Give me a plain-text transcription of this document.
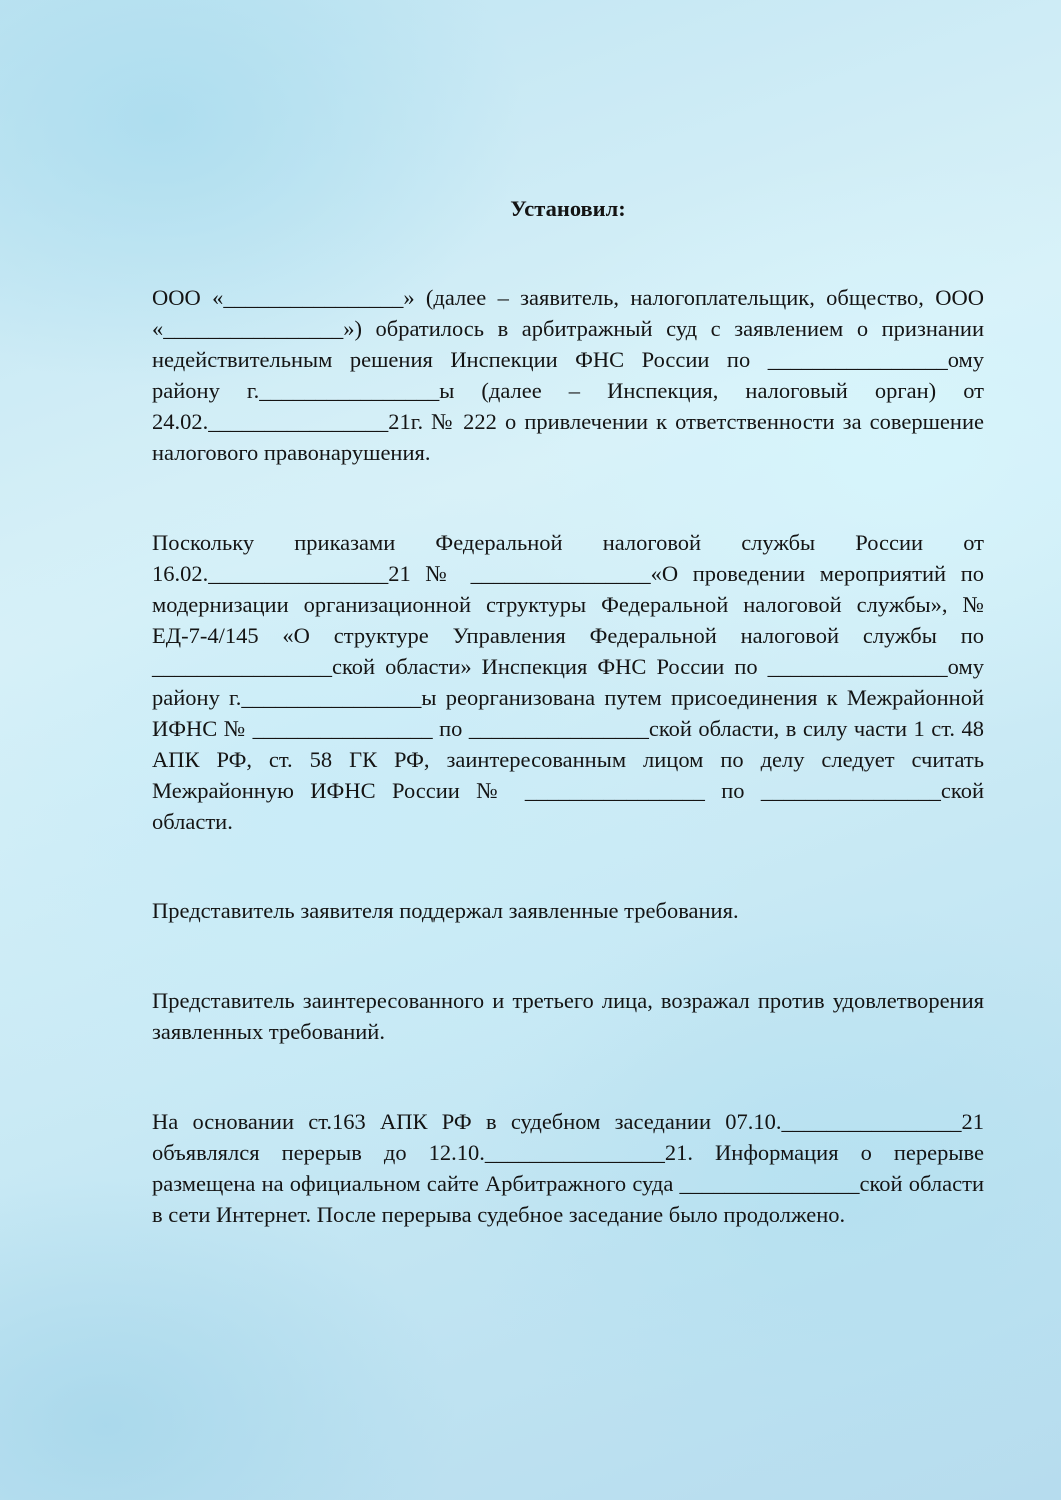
Установил:

ООО «________________» (далее – заявитель, налогоплательщик, общество, ООО «________________») обратилось в арбитражный суд с заявлением о признании недействительным решения Инспекции ФНС России по ________________ому району г.________________ы (далее – Инспекция, налоговый орган) от 24.02.________________21г. № 222 о привлечении к ответственности за совершение налогового правонарушения.

Поскольку приказами Федеральной налоговой службы России от 16.02.________________21 № ________________«О проведении мероприятий по модернизации организационной структуры Федеральной налоговой службы», № ЕД-7-4/145 «О структуре Управления Федеральной налоговой службы по ________________ской области» Инспекция ФНС России по ________________ому району г.________________ы реорганизована путем присоединения к Межрайонной ИФНС № ________________ по ________________ской области, в силу части 1 ст. 48 АПК РФ, ст. 58 ГК РФ, заинтересованным лицом по делу следует считать Межрайонную ИФНС России № ________________ по ________________ской области.

Представитель заявителя поддержал заявленные требования.

Представитель заинтересованного и третьего лица, возражал против удовлетворения заявленных требований.

На основании ст.163 АПК РФ в судебном заседании 07.10.________________21 объявлялся перерыв до 12.10.________________21. Информация о перерыве размещена на официальном сайте Арбитражного суда ________________ской области в сети Интернет. После перерыва судебное заседание было продолжено.
